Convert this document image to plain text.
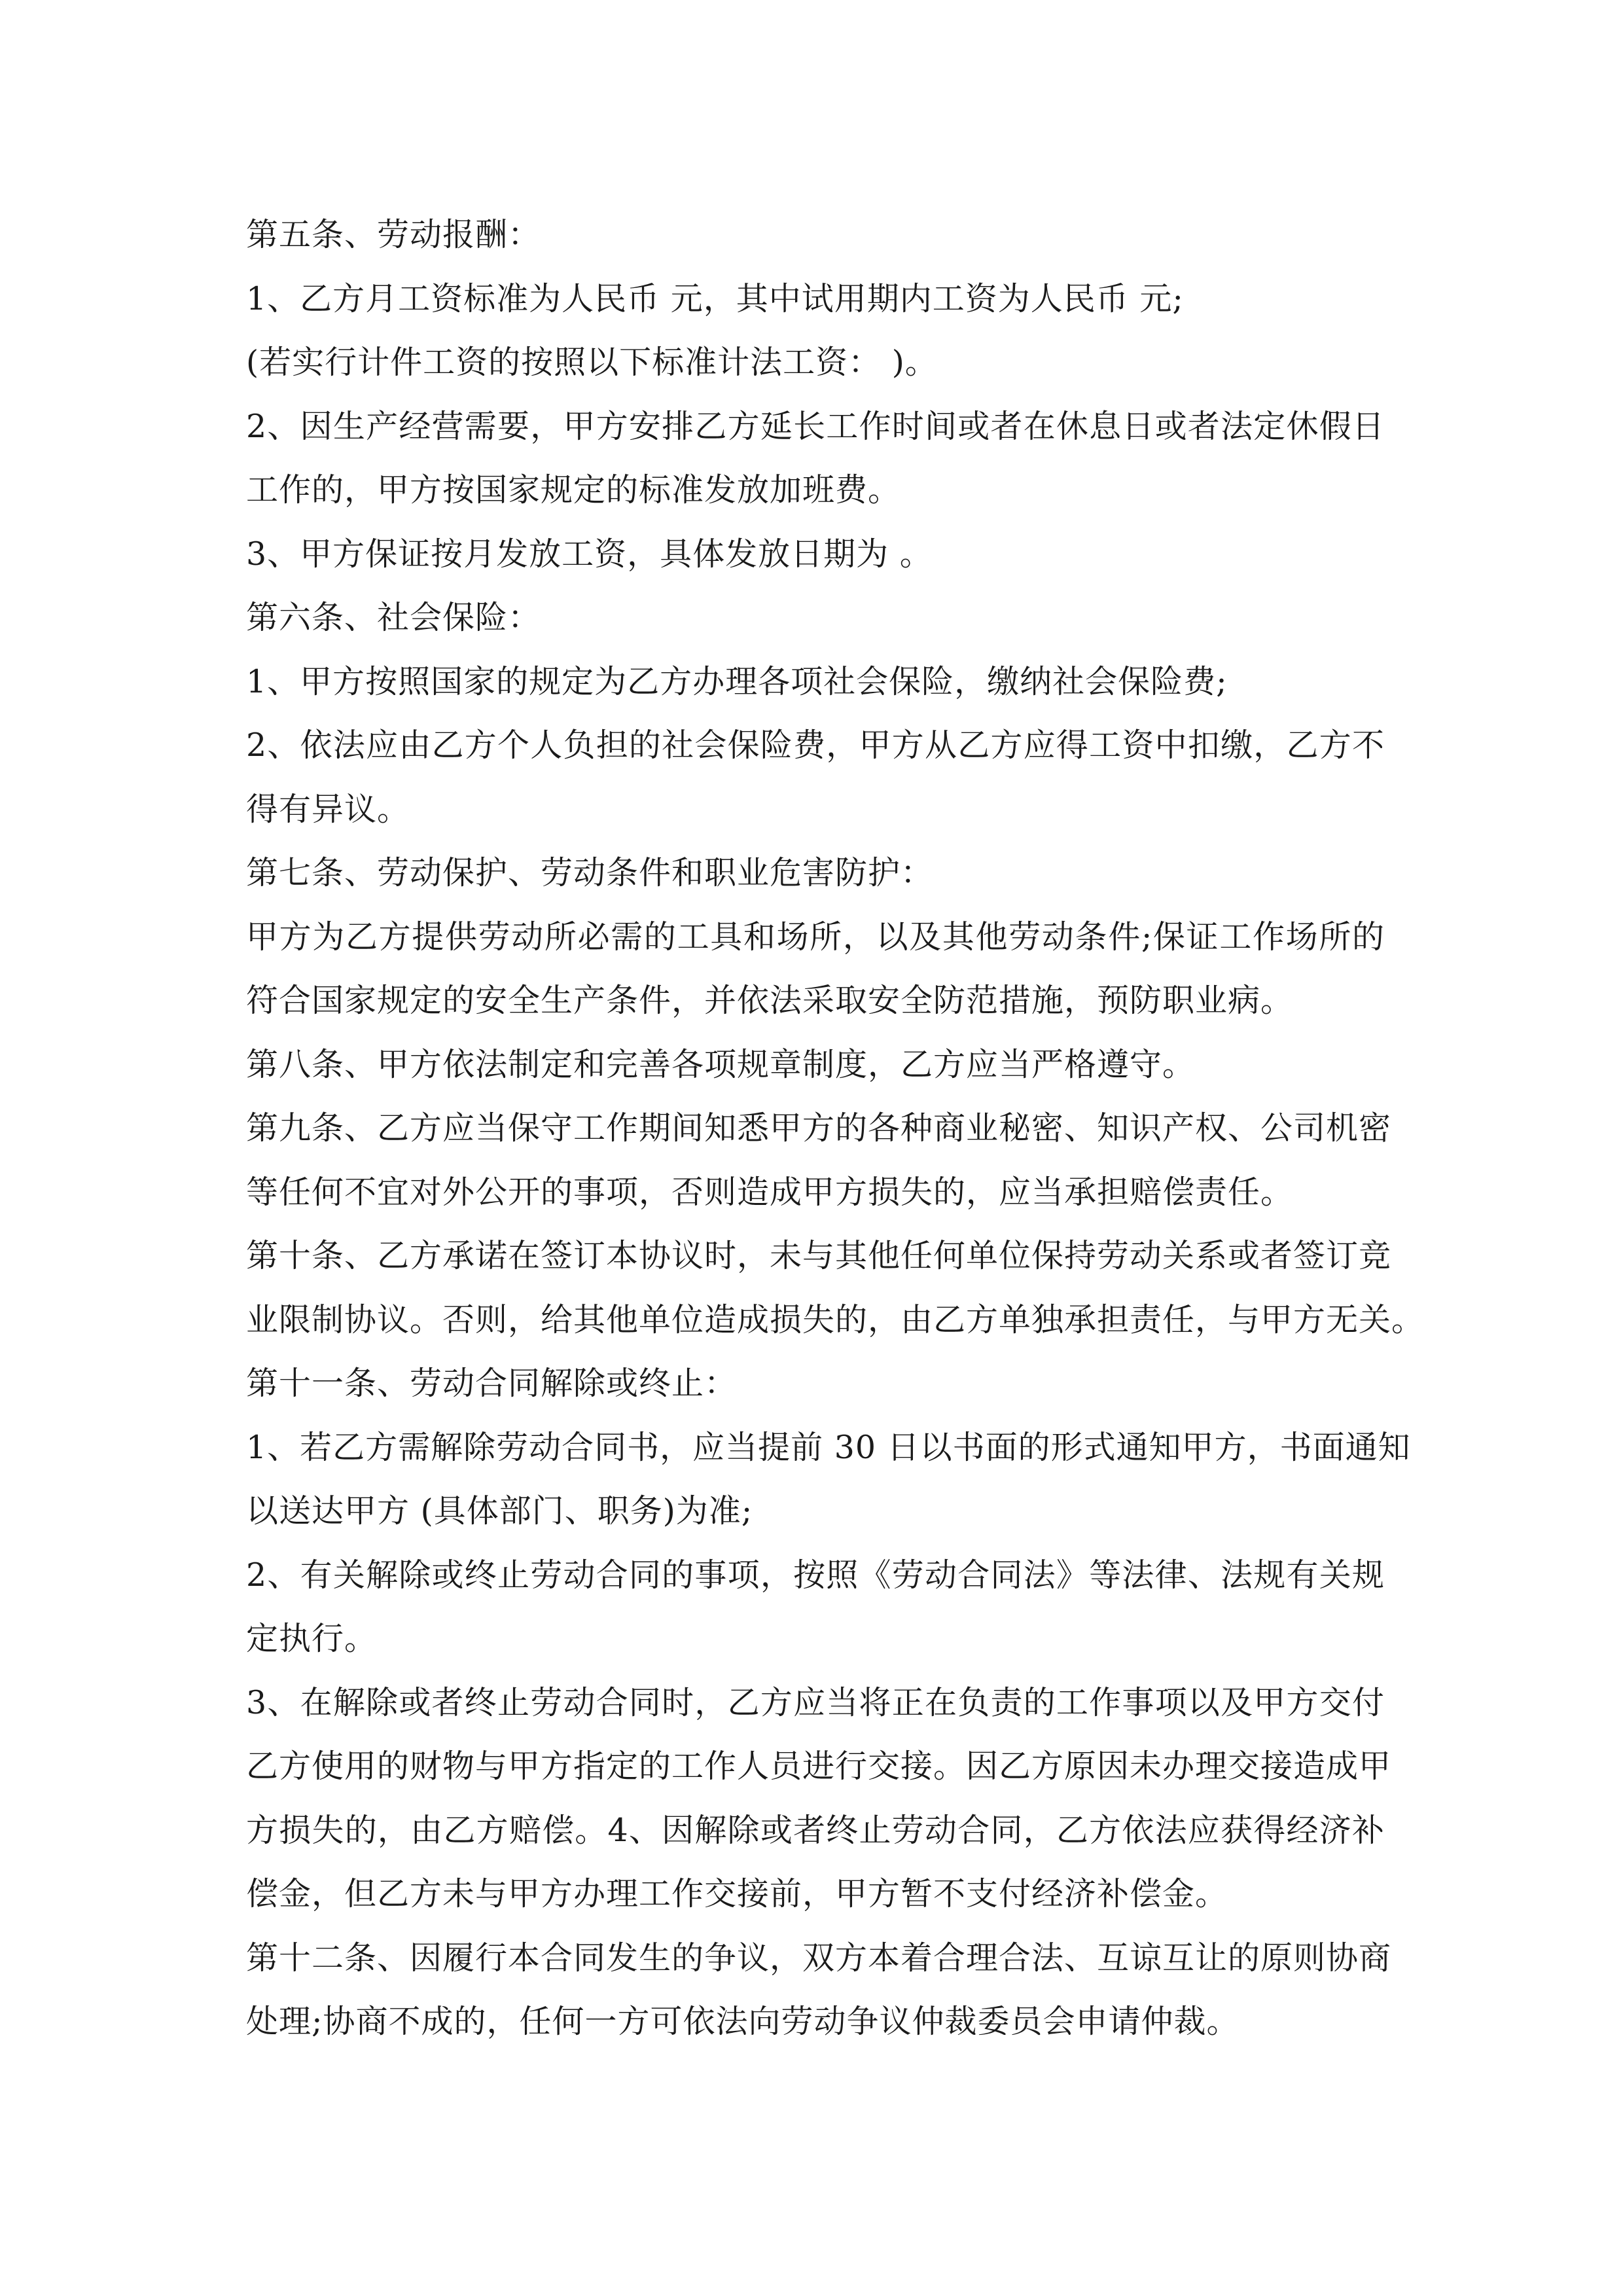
第五条、劳动报酬：
1、乙方月工资标准为人民币 元，其中试用期内工资为人民币 元;
(若实行计件工资的按照以下标准计法工资： )。
2、因生产经营需要，甲方安排乙方延长工作时间或者在休息日或者法定休假日
工作的，甲方按国家规定的标准发放加班费。
3、甲方保证按月发放工资，具体发放日期为 。
第六条、社会保险：
1、甲方按照国家的规定为乙方办理各项社会保险，缴纳社会保险费;
2、依法应由乙方个人负担的社会保险费，甲方从乙方应得工资中扣缴，乙方不
得有异议。
第七条、劳动保护、劳动条件和职业危害防护：
甲方为乙方提供劳动所必需的工具和场所，以及其他劳动条件;保证工作场所的
符合国家规定的安全生产条件，并依法采取安全防范措施，预防职业病。
第八条、甲方依法制定和完善各项规章制度，乙方应当严格遵守。
第九条、乙方应当保守工作期间知悉甲方的各种商业秘密、知识产权、公司机密
等任何不宜对外公开的事项，否则造成甲方损失的，应当承担赔偿责任。
第十条、乙方承诺在签订本协议时，未与其他任何单位保持劳动关系或者签订竞
业限制协议。否则，给其他单位造成损失的，由乙方单独承担责任，与甲方无关。
第十一条、劳动合同解除或终止：
1、若乙方需解除劳动合同书，应当提前 30 日以书面的形式通知甲方，书面通知
以送达甲方 (具体部门、职务)为准;
2、有关解除或终止劳动合同的事项，按照《劳动合同法》等法律、法规有关规
定执行。
3、在解除或者终止劳动合同时，乙方应当将正在负责的工作事项以及甲方交付
乙方使用的财物与甲方指定的工作人员进行交接。因乙方原因未办理交接造成甲
方损失的，由乙方赔偿。4、因解除或者终止劳动合同，乙方依法应获得经济补
偿金，但乙方未与甲方办理工作交接前，甲方暂不支付经济补偿金。
第十二条、因履行本合同发生的争议，双方本着合理合法、互谅互让的原则协商
处理;协商不成的，任何一方可依法向劳动争议仲裁委员会申请仲裁。
